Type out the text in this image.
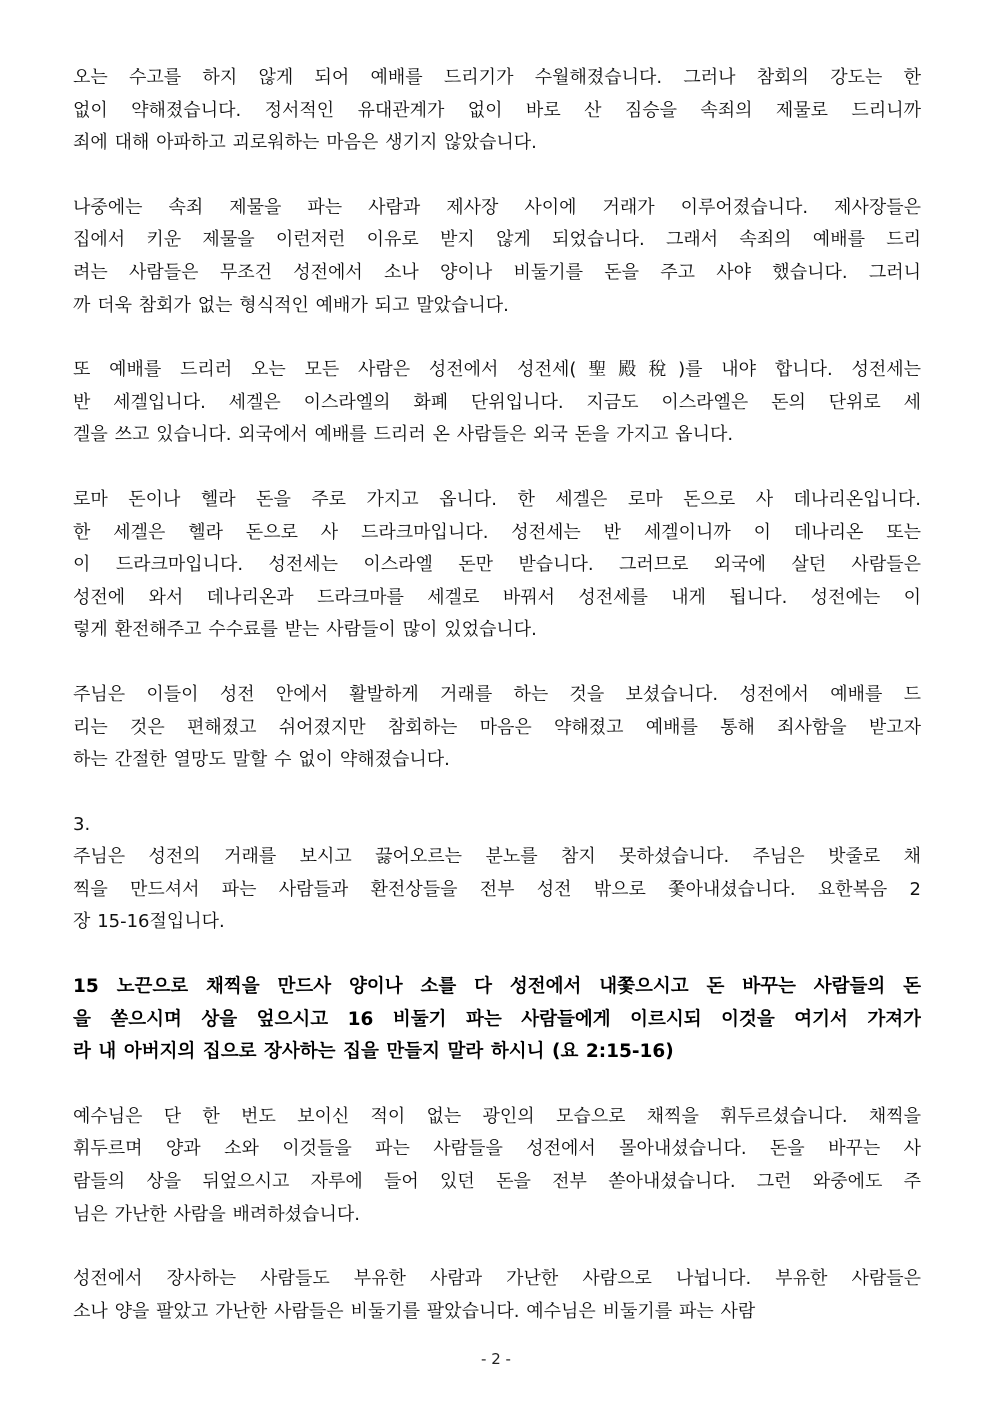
오는 수고를 하지 않게 되어 예배를 드리기가 수월해졌습니다. 그러나 참회의 강도는 한
없이 약해졌습니다. 정서적인 유대관계가 없이 바로 산 짐승을 속죄의 제물로 드리니까
죄에 대해 아파하고 괴로워하는 마음은 생기지 않았습니다.
나중에는 속죄 제물을 파는 사람과 제사장 사이에 거래가 이루어졌습니다. 제사장들은
집에서 키운 제물을 이런저런 이유로 받지 않게 되었습니다. 그래서 속죄의 예배를 드리
려는 사람들은 무조건 성전에서 소나 양이나 비둘기를 돈을 주고 사야 했습니다. 그러니
까 더욱 참회가 없는 형식적인 예배가 되고 말았습니다.
또 예배를 드리러 오는 모든 사람은 성전에서 성전세(聖殿稅)를 내야 합니다. 성전세는
반 세겔입니다. 세겔은 이스라엘의 화폐 단위입니다. 지금도 이스라엘은 돈의 단위로 세
겔을 쓰고 있습니다. 외국에서 예배를 드리러 온 사람들은 외국 돈을 가지고 옵니다.
로마 돈이나 헬라 돈을 주로 가지고 옵니다. 한 세겔은 로마 돈으로 사 데나리온입니다.
한 세겔은 헬라 돈으로 사 드라크마입니다. 성전세는 반 세겔이니까 이 데나리온 또는
이 드라크마입니다. 성전세는 이스라엘 돈만 받습니다. 그러므로 외국에 살던 사람들은
성전에 와서 데나리온과 드라크마를 세겔로 바꿔서 성전세를 내게 됩니다. 성전에는 이
렇게 환전해주고 수수료를 받는 사람들이 많이 있었습니다.
주님은 이들이 성전 안에서 활발하게 거래를 하는 것을 보셨습니다. 성전에서 예배를 드
리는 것은 편해졌고 쉬어졌지만 참회하는 마음은 약해졌고 예배를 통해 죄사함을 받고자
하는 간절한 열망도 말할 수 없이 약해졌습니다.
3.
주님은 성전의 거래를 보시고 끓어오르는 분노를 참지 못하셨습니다. 주님은 밧줄로 채
찍을 만드셔서 파는 사람들과 환전상들을 전부 성전 밖으로 쫓아내셨습니다. 요한복음 2
장 15-16절입니다.
15 노끈으로 채찍을 만드사 양이나 소를 다 성전에서 내쫓으시고 돈 바꾸는 사람들의 돈
을 쏟으시며 상을 엎으시고 16 비둘기 파는 사람들에게 이르시되 이것을 여기서 가져가
라 내 아버지의 집으로 장사하는 집을 만들지 말라 하시니 (요 2:15-16)
예수님은 단 한 번도 보이신 적이 없는 광인의 모습으로 채찍을 휘두르셨습니다. 채찍을
휘두르며 양과 소와 이것들을 파는 사람들을 성전에서 몰아내셨습니다. 돈을 바꾸는 사
람들의 상을 뒤엎으시고 자루에 들어 있던 돈을 전부 쏟아내셨습니다. 그런 와중에도 주
님은 가난한 사람을 배려하셨습니다.
성전에서 장사하는 사람들도 부유한 사람과 가난한 사람으로 나뉩니다. 부유한 사람들은
소나 양을 팔았고 가난한 사람들은 비둘기를 팔았습니다. 예수님은 비둘기를 파는 사람
- 2 -
